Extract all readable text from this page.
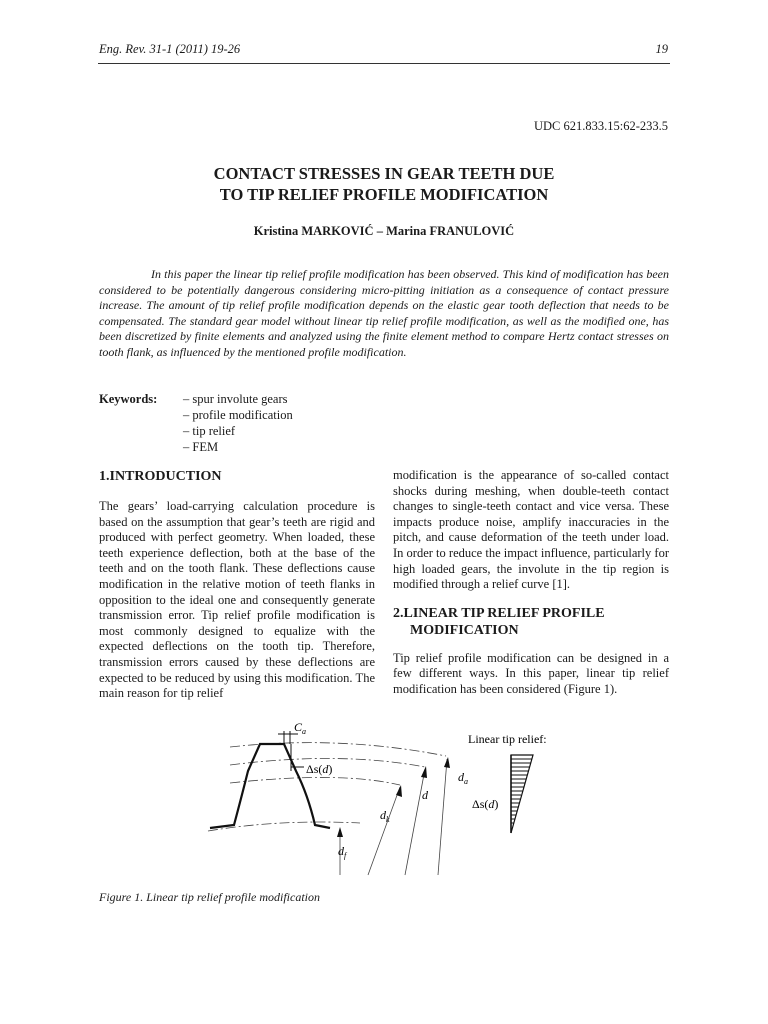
Eng. Rev. 31-1 (2011) 19-26	19
UDC 621.833.15:62-233.5
CONTACT STRESSES IN GEAR TEETH DUE
TO TIP RELIEF PROFILE MODIFICATION
Kristina MARKOVIĆ – Marina FRANULOVIĆ

In this paper the linear tip relief profile modification has been observed. This kind of modification has been considered to be potentially dangerous considering micro-pitting initiation as a consequence of contact pressure increase. The amount of tip relief profile modification depends on the elastic gear tooth deflection that needs to be compensated. The standard gear model without linear tip relief profile modification, as well as the modified one, has been discretized by finite elements and analyzed using the finite element method to compare Hertz contact stresses on tooth flank, as influenced by the mentioned profile modification.

Keywords: – spur involute gears
– profile modification
– tip relief
– FEM
1.INTRODUCTION

The gears’ load-carrying calculation procedure is based on the assumption that gear’s teeth are rigid and produced with perfect geometry. When loaded, these teeth experience deflection, both at the base of the teeth and on the tooth flank. These deflections cause modification in the relative motion of teeth flanks in opposition to the ideal one and consequently generate transmission error. Tip relief profile modification is most commonly designed to equalize with the expected deflections on the tooth tip. Therefore, transmission errors caused by these deflections are expected to be reduced by using this modification. The main reason for tip relief

modification is the appearance of so-called contact shocks during meshing, when double-teeth contact changes to single-teeth contact and vice versa. These impacts produce noise, amplify inaccuracies in the pitch, and cause deformation of the teeth under load. In order to reduce the impact influence, particularly for high loaded gears, the involute in the tip region is modified through a relief curve [1].

2.LINEAR TIP RELIEF PROFILE
MODIFICATION

Tip relief profile modification can be designed in a few different ways. In this paper, linear tip relief modification has been considered (Figure 1).

$C_a$
Δs(d)
$d_f$
$d_k$
d
$d_a$
Linear tip relief:
Δs(d)
Figure 1. Linear tip relief profile modification
